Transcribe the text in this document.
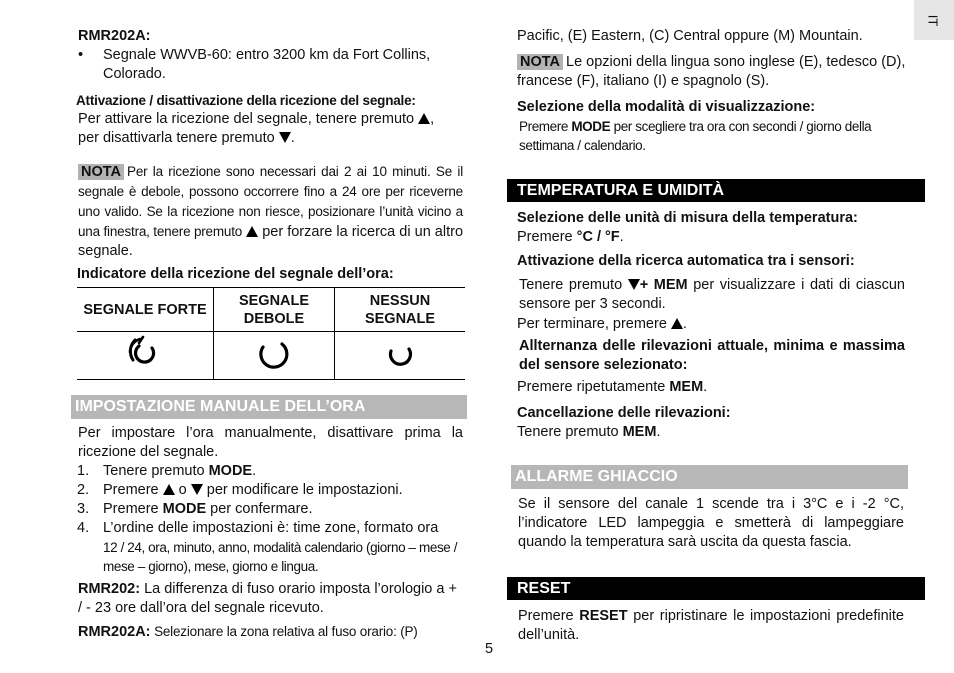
IT
RMR202A:
• Segnale WWVB-60: entro 3200 km da Fort Collins, Colorado.
Attivazione / disattivazione della ricezione del segnale:
Per attivare la ricezione del segnale, tenere premuto ,
per disattivarla tenere premuto .
NOTA Per la ricezione sono necessari dai 2 ai 10 minuti. Se il segnale è debole, possono occorrere fino a 24 ore per riceverne uno valido. Se la ricezione non riesce, posizionare l’unità vicino a una finestra, tenere premuto per forzare la ricerca di un altro segnale.
Indicatore della ricezione del segnale dell’ora:
SEGNALE FORTE	SEGNALE DEBOLE	NESSUN SEGNALE

IMPOSTAZIONE MANUALE DELL’ORA
Per impostare l’ora manualmente, disattivare prima la ricezione del segnale.
1. Tenere premuto MODE.
2. Premere  o  per modificare le impostazioni.
3. Premere MODE per confermare.
4. L’ordine delle impostazioni è: time zone, formato ora
12 / 24, ora, minuto, anno, modalità calendario (giorno – mese / mese – giorno), mese, giorno e lingua.
RMR202: La differenza di fuso orario imposta l’orologio a + / - 23 ore dall’ora del segnale ricevuto.
RMR202A: Selezionare la zona relativa al fuso orario: (P)
5
Pacific, (E) Eastern, (C) Central oppure (M) Mountain.
NOTA Le opzioni della lingua sono inglese (E), tedesco (D), francese (F), italiano (I) e spagnolo (S).
Selezione della modalità di visualizzazione:
Premere MODE per scegliere tra ora con secondi / giorno della settimana / calendario.
TEMPERATURA E UMIDITÀ
Selezione delle unità di misura della temperatura:
Premere °C / °F.
Attivazione della ricerca automatica tra i sensori:
Tenere premuto + MEM per visualizzare i dati di ciascun sensore per 3 secondi.
Per terminare, premere .
Allternanza delle rilevazioni attuale, minima e massima del sensore selezionato:
Premere ripetutamente MEM.
Cancellazione delle rilevazioni:
Tenere premuto MEM.
ALLARME GHIACCIO
Se il sensore del canale 1 scende tra i 3°C e i -2 °C, l’indicatore LED lampeggia e smetterà di lampeggiare quando la temperatura sarà uscita da questa fascia.
RESET
Premere RESET per ripristinare le impostazioni predefinite dell’unità.
